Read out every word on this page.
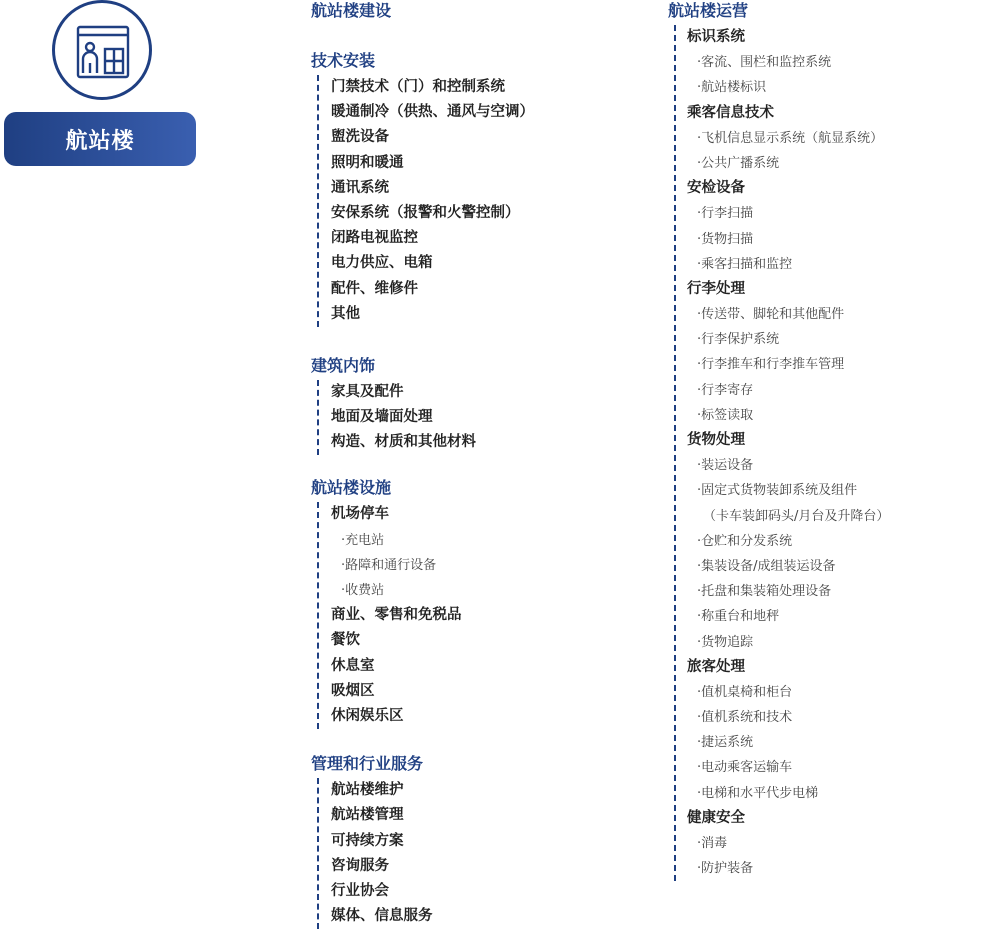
航站楼
航站楼建设
技术安装
门禁技术（门）和控制系统
暖通制冷（供热、通风与空调）
盥洗设备
照明和暖通
通讯系统
安保系统（报警和火警控制）
闭路电视监控
电力供应、电箱
配件、维修件
其他
建筑内饰
家具及配件
地面及墙面处理
构造、材质和其他材料
航站楼设施
机场停车
·充电站
·路障和通行设备
·收费站
商业、零售和免税品
餐饮
休息室
吸烟区
休闲娱乐区
管理和行业服务
航站楼维护
航站楼管理
可持续方案
咨询服务
行业协会
媒体、信息服务
航站楼运营
标识系统
·客流、围栏和监控系统
·航站楼标识
乘客信息技术
·飞机信息显示系统（航显系统）
·公共广播系统
安检设备
·行李扫描
·货物扫描
·乘客扫描和监控
行李处理
·传送带、脚轮和其他配件
·行李保护系统
·行李推车和行李推车管理
·行李寄存
·标签读取
货物处理
·装运设备
·固定式货物装卸系统及组件
（卡车装卸码头/月台及升降台）
·仓贮和分发系统
·集装设备/成组装运设备
·托盘和集装箱处理设备
·称重台和地秤
·货物追踪
旅客处理
·值机桌椅和柜台
·值机系统和技术
·捷运系统
·电动乘客运输车
·电梯和水平代步电梯
健康安全
·消毒
·防护装备
